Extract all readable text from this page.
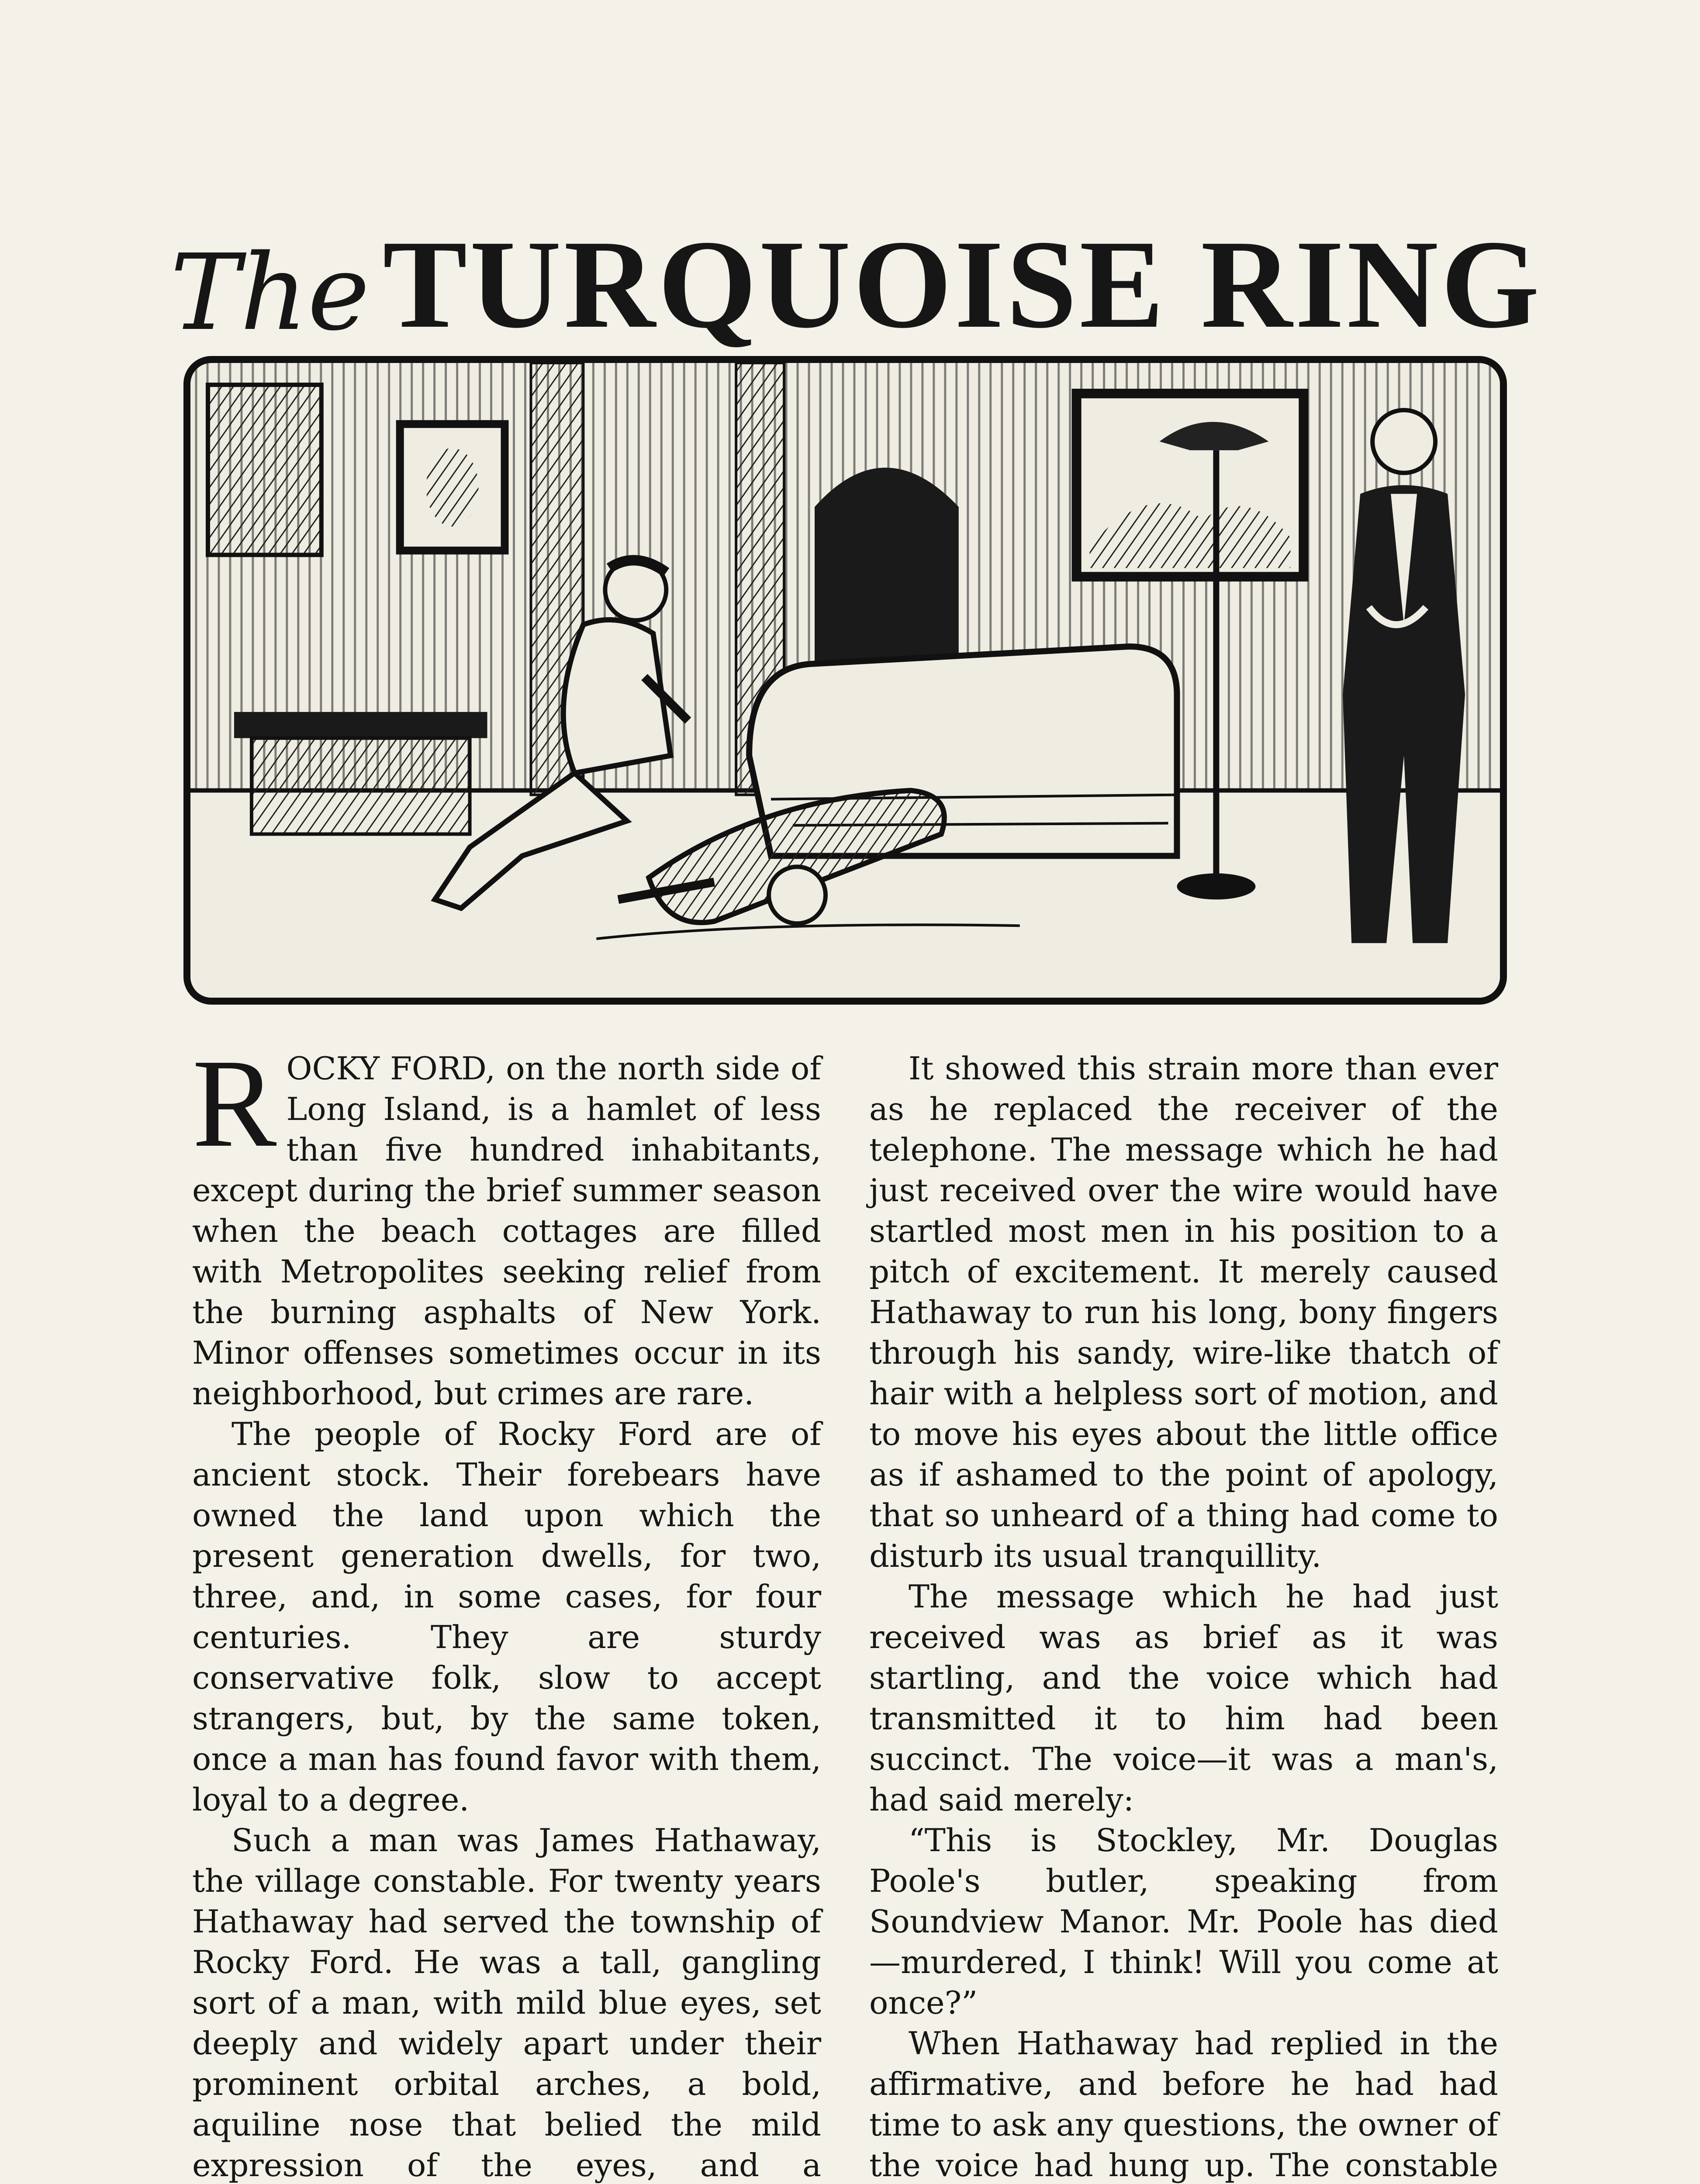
The TURQUOISE RING

ROCKY FORD, on the north side of Long Island, is a hamlet of less than five hundred inhabitants, except during the brief summer season when the beach cottages are filled with Metropolites seeking relief from the burning asphalts of New York. Minor offenses sometimes occur in its neighborhood, but crimes are rare.

The people of Rocky Ford are of ancient stock. Their forebears have owned the land upon which the present generation dwells, for two, three, and, in some cases, for four centuries. They are sturdy conservative folk, slow to accept strangers, but, by the same token, once a man has found favor with them, loyal to a degree.

Such a man was James Hathaway, the village constable. For twenty years Hathaway had served the township of Rocky Ford. He was a tall, gangling sort of a man, with mild blue eyes, set deeply and widely apart under their prominent orbital arches, a bold, aquiline nose that belied the mild expression of the eyes, and a

It showed this strain more than ever as he replaced the receiver of the telephone. The message which he had just received over the wire would have startled most men in his position to a pitch of excitement. It merely caused Hathaway to run his long, bony fingers through his sandy, wire-like thatch of hair with a helpless sort of motion, and to move his eyes about the little office as if ashamed to the point of apology, that so unheard of a thing had come to disturb its usual tranquillity.

The message which he had just received was as brief as it was startling, and the voice which had transmitted it to him had been succinct. The voice—it was a man's, had said merely:

“This is Stockley, Mr. Douglas Poole's butler, speaking from Soundview Manor. Mr. Poole has died—murdered, I think! Will you come at once?”

When Hathaway had replied in the affirmative, and before he had had time to ask any questions, the owner of the voice had hung up. The constable
